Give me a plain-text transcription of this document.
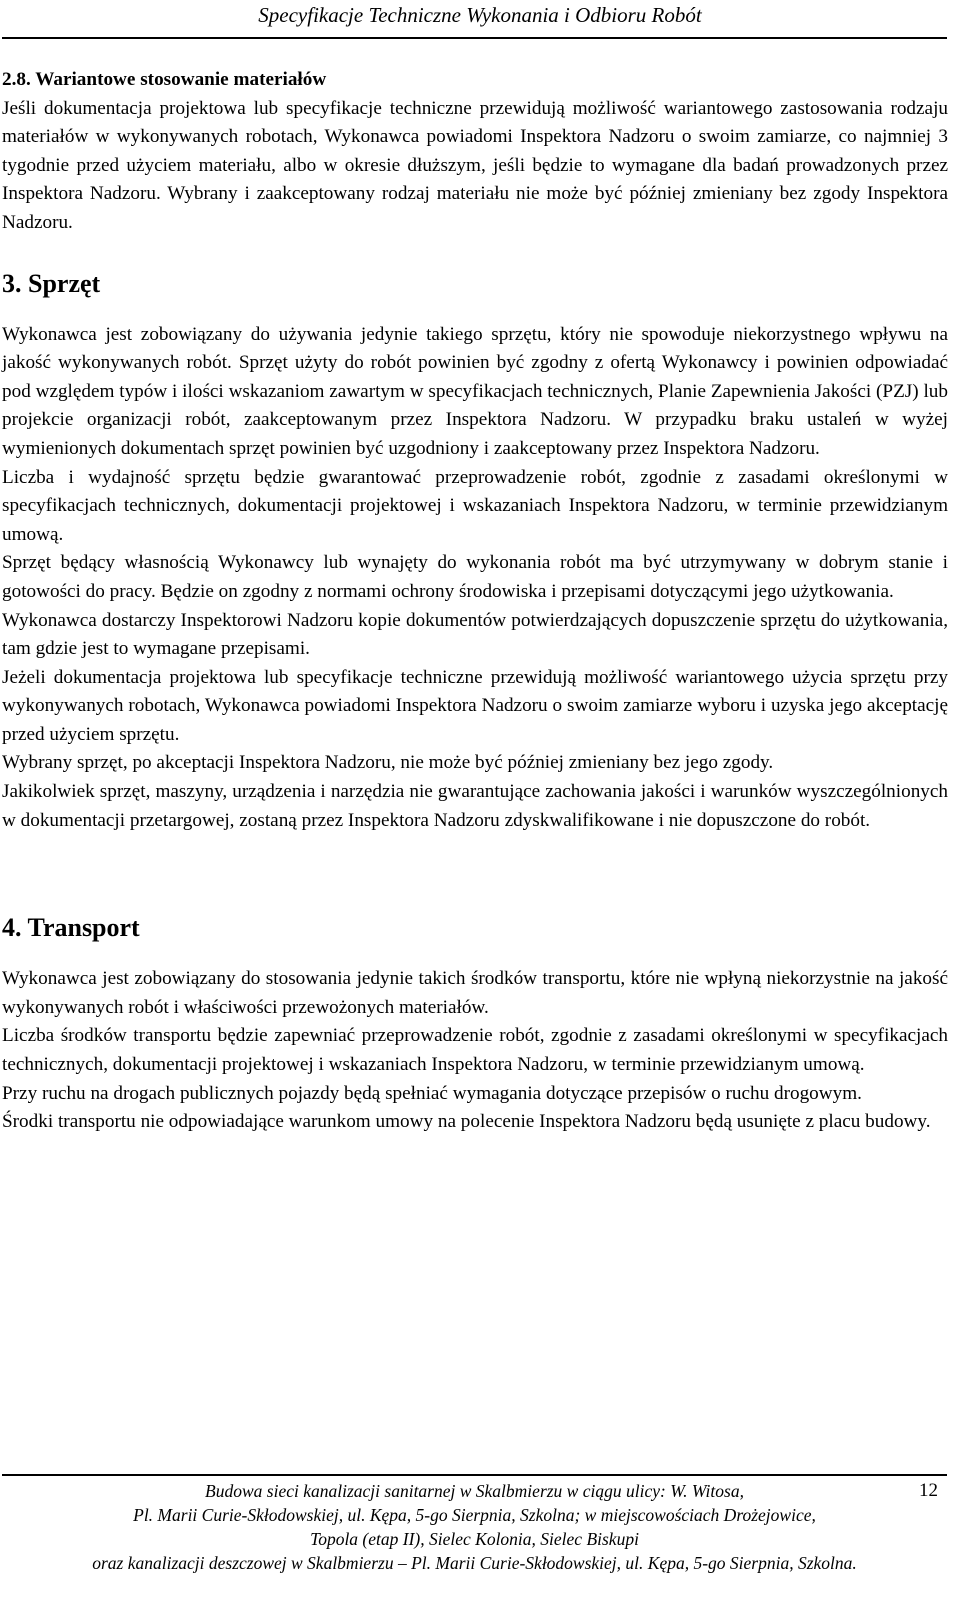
Specyfikacje Techniczne Wykonania i Odbioru Robót
2.8. Wariantowe stosowanie materiałów

Jeśli dokumentacja projektowa lub specyfikacje techniczne przewidują możliwość wariantowego zastosowania rodzaju materiałów w wykonywanych robotach, Wykonawca powiadomi Inspektora Nadzoru o swoim zamiarze, co najmniej 3 tygodnie przed użyciem materiału, albo w okresie dłuższym, jeśli będzie to wymagane dla badań prowadzonych przez Inspektora Nadzoru. Wybrany i zaakceptowany rodzaj materiału nie może być później zmieniany bez zgody Inspektora Nadzoru.

3. Sprzęt

Wykonawca jest zobowiązany do używania jedynie takiego sprzętu, który nie spowoduje niekorzystnego wpływu na jakość wykonywanych robót. Sprzęt użyty do robót powinien być zgodny z ofertą Wykonawcy i powinien odpowiadać pod względem typów i ilości wskazaniom zawartym w specyfikacjach technicznych, Planie Zapewnienia Jakości (PZJ) lub projekcie organizacji robót, zaakceptowanym przez Inspektora Nadzoru. W przypadku braku ustaleń w wyżej wymienionych dokumentach sprzęt powinien być uzgodniony i zaakceptowany przez Inspektora Nadzoru.

Liczba i wydajność sprzętu będzie gwarantować przeprowadzenie robót, zgodnie z zasadami określonymi w specyfikacjach technicznych, dokumentacji projektowej i wskazaniach Inspektora Nadzoru, w terminie przewidzianym umową.

Sprzęt będący własnością Wykonawcy lub wynajęty do wykonania robót ma być utrzymywany w dobrym stanie i gotowości do pracy. Będzie on zgodny z normami ochrony środowiska i przepisami dotyczącymi jego użytkowania.

Wykonawca dostarczy Inspektorowi Nadzoru kopie dokumentów potwierdzających dopuszczenie sprzętu do użytkowania, tam gdzie jest to wymagane przepisami.

Jeżeli dokumentacja projektowa lub specyfikacje techniczne przewidują możliwość wariantowego użycia sprzętu przy wykonywanych robotach, Wykonawca powiadomi Inspektora Nadzoru o swoim zamiarze wyboru i uzyska jego akceptację przed użyciem sprzętu.

Wybrany sprzęt, po akceptacji Inspektora Nadzoru, nie może być później zmieniany bez jego zgody.

Jakikolwiek sprzęt, maszyny, urządzenia i narzędzia nie gwarantujące zachowania jakości i warunków wyszczególnionych w dokumentacji przetargowej, zostaną przez Inspektora Nadzoru zdyskwalifikowane i nie dopuszczone do robót.

4. Transport

Wykonawca jest zobowiązany do stosowania jedynie takich środków transportu, które nie wpłyną niekorzystnie na jakość wykonywanych robót i właściwości przewożonych materiałów.

Liczba środków transportu będzie zapewniać przeprowadzenie robót, zgodnie z zasadami określonymi w specyfikacjach technicznych, dokumentacji projektowej i wskazaniach Inspektora Nadzoru, w terminie przewidzianym umową.

Przy ruchu na drogach publicznych pojazdy będą spełniać wymagania dotyczące przepisów o ruchu drogowym.

Środki transportu nie odpowiadające warunkom umowy na polecenie Inspektora Nadzoru będą usunięte z placu budowy.

Budowa sieci kanalizacji sanitarnej w Skalbmierzu w ciągu ulicy: W. Witosa,
Pl. Marii Curie-Skłodowskiej, ul. Kępa, 5-go Sierpnia, Szkolna; w miejscowościach Drożejowice,
Topola (etap II), Sielec Kolonia, Sielec Biskupi
oraz kanalizacji deszczowej w Skalbmierzu – Pl. Marii Curie-Skłodowskiej, ul. Kępa, 5-go Sierpnia, Szkolna.
12
